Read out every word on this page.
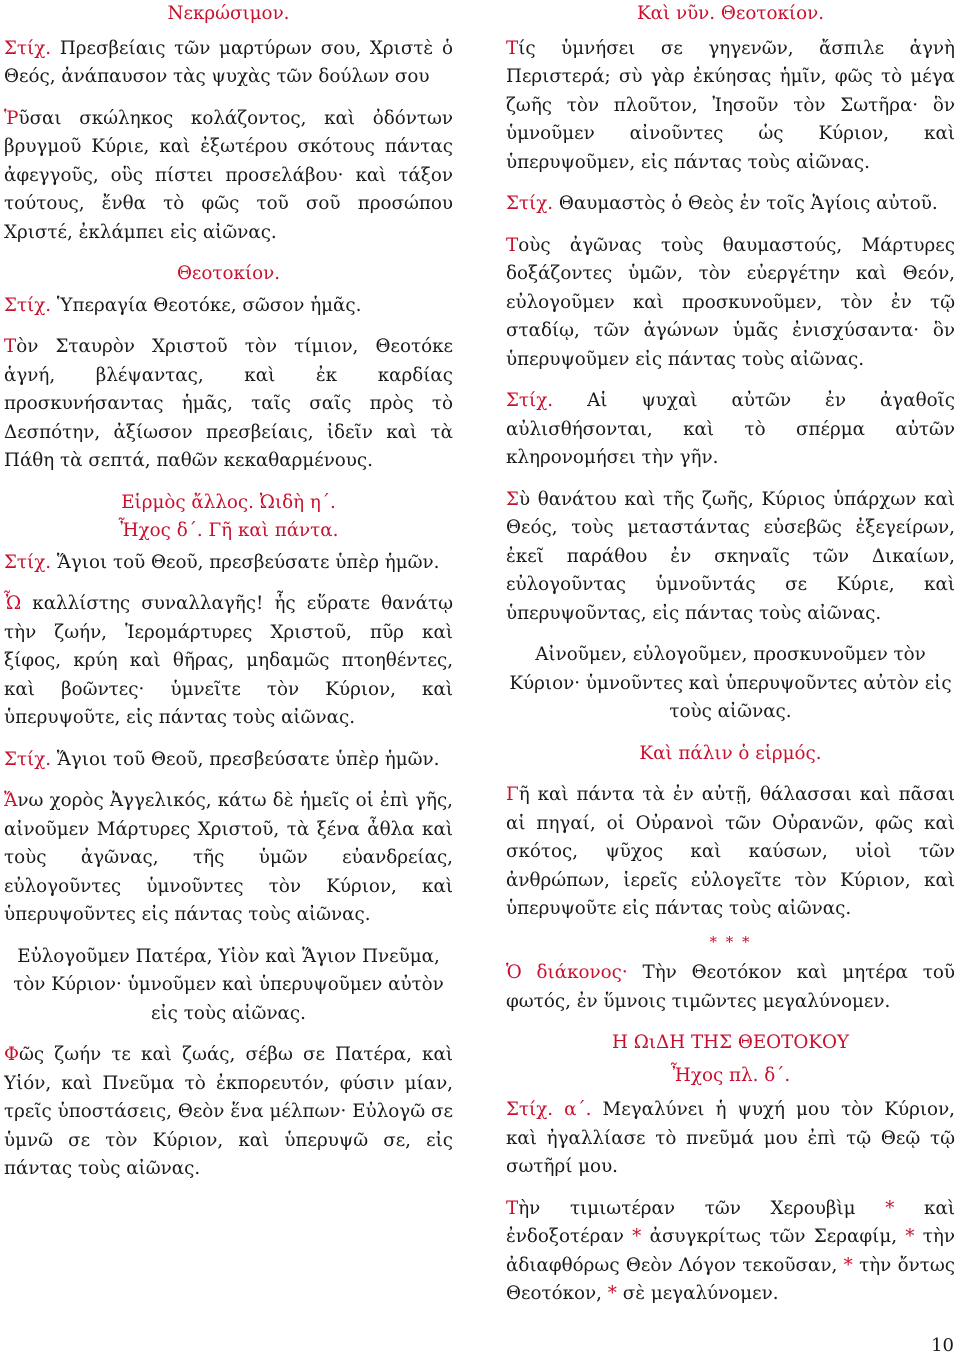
Νεκρώσιμον.

Στίχ. Πρεσβείαις τῶν μαρτύρων σου, Χριστὲ ὁ Θεός, ἀνάπαυσον τὰς ψυχὰς τῶν δούλων σου

Ῥῦσαι σκώληκος κολάζοντος, καὶ ὀδόντων βρυγμοῦ Κύριε, καὶ ἐξωτέρου σκότους πάντας ἀφεγγοῦς, οὓς πίστει προσελάβου· καὶ τάξον τούτους, ἔνθα τὸ φῶς τοῦ σοῦ προσώπου Χριστέ, ἐκλάμπει εἰς αἰῶνας.

Θεοτοκίον.

Στίχ. Ὑπεραγία Θεοτόκε, σῶσον ἡμᾶς.

Τὸν Σταυρὸν Χριστοῦ τὸν τίμιον, Θεοτόκε ἁγνή, βλέψαντας, καὶ ἐκ καρδίας προσκυνήσαντας ἡμᾶς, ταῖς σαῖς πρὸς τὸ Δεσπότην, ἀξίωσον πρεσβείαις, ἰδεῖν καὶ τὰ Πάθη τὰ σεπτά, παθῶν κεκαθαρμένους.

Εἱρμὸς ἄλλος. Ὠιδὴ η΄.

Ἦχος δ΄. Γῆ καὶ πάντα.

Στίχ. Ἅγιοι τοῦ Θεοῦ, πρεσβεύσατε ὑπὲρ ἡμῶν.

Ὦ καλλίστης συναλλαγῆς! ἧς εὕρατε θανάτῳ τὴν ζωήν, Ἱερομάρτυρες Χριστοῦ, πῦρ καὶ ξίφος, κρύη καὶ θῆρας, μηδαμῶς πτοηθέντες, καὶ βοῶντες· ὑμνεῖτε τὸν Κύριον, καὶ ὑπερυψοῦτε, εἰς πάντας τοὺς αἰῶνας.

Στίχ. Ἅγιοι τοῦ Θεοῦ, πρεσβεύσατε ὑπὲρ ἡμῶν.

Ἄνω χορὸς Ἀγγελικός, κάτω δὲ ἡμεῖς οἱ ἐπὶ γῆς, αἰνοῦμεν Μάρτυρες Χριστοῦ, τὰ ξένα ἆθλα καὶ τοὺς ἀγῶνας, τῆς ὑμῶν εὐανδρείας, εὐλογοῦντες ὑμνοῦντες τὸν Κύριον, καὶ ὑπερυψοῦντες εἰς πάντας τοὺς αἰῶνας.

Εὐλογοῦμεν Πατέρα, Υἱὸν καὶ Ἅγιον Πνεῦμα, τὸν Κύριον· ὑμνοῦμεν καὶ ὑπερυψοῦμεν αὐτὸν εἰς τοὺς αἰῶνας.

Φῶς ζωήν τε καὶ ζωάς, σέβω σε Πατέρα, καὶ Υἱόν, καὶ Πνεῦμα τὸ ἐκπορευτόν, φύσιν μίαν, τρεῖς ὑποστάσεις, Θεὸν ἕνα μέλπων· Εὐλογῶ σε ὑμνῶ σε τὸν Κύριον, καὶ ὑπερυψῶ σε, εἰς πάντας τοὺς αἰῶνας.

Καὶ νῦν. Θεοτοκίον.

Τίς ὑμνήσει σε γηγενῶν, ἄσπιλε ἁγνὴ Περιστερά; σὺ γὰρ ἐκύησας ἡμῖν, φῶς τὸ μέγα ζωῆς τὸν πλοῦτον, Ἰησοῦν τὸν Σωτῆρα· ὃν ὑμνοῦμεν αἰνοῦντες ὡς Κύριον, καὶ ὑπερυψοῦμεν, εἰς πάντας τοὺς αἰῶνας.

Στίχ. Θαυμαστὸς ὁ Θεὸς ἐν τοῖς Ἁγίοις αὐτοῦ.

Τοὺς ἀγῶνας τοὺς θαυμαστούς, Μάρτυρες δοξάζοντες ὑμῶν, τὸν εὐεργέτην καὶ Θεόν, εὐλογοῦμεν καὶ προσκυνοῦμεν, τὸν ἐν τῷ σταδίῳ, τῶν ἀγώνων ὑμᾶς ἐνισχύσαντα· ὃν ὑπερυψοῦμεν εἰς πάντας τοὺς αἰῶνας.

Στίχ. Αἱ ψυχαὶ αὐτῶν ἐν ἀγαθοῖς αὐλισθήσονται, καὶ τὸ σπέρμα αὐτῶν κληρονομήσει τὴν γῆν.

Σὺ θανάτου καὶ τῆς ζωῆς, Κύριος ὑπάρχων καὶ Θεός, τοὺς μεταστάντας εὐσεβῶς ἐξεγείρων, ἐκεῖ παράθου ἐν σκηναῖς τῶν Δικαίων, εὐλογοῦντας ὑμνοῦντάς σε Κύριε, καὶ ὑπερυψοῦντας, εἰς πάντας τοὺς αἰῶνας.

Αἰνοῦμεν, εὐλογοῦμεν, προσκυνοῦμεν τὸν Κύριον· ὑμνοῦντες καὶ ὑπερυψοῦντες αὐτὸν εἰς τοὺς αἰῶνας.

Καὶ πάλιν ὁ εἱρμός.

Γῆ καὶ πάντα τὰ ἐν αὐτῇ, θάλασσαι καὶ πᾶσαι αἱ πηγαί, οἱ Οὐρανοὶ τῶν Οὐρανῶν, φῶς καὶ σκότος, ψῦχος καὶ καύσων, υἱοὶ τῶν ἀνθρώπων, ἱερεῖς εὐλογεῖτε τὸν Κύριον, καὶ ὑπερυψοῦτε εἰς πάντας τοὺς αἰῶνας.

* * *

Ὁ διάκονος· Τὴν Θεοτόκον καὶ μητέρα τοῦ φωτός, ἐν ὕμνοις τιμῶντες μεγαλύνομεν.

Η ΩιΔΗ ΤΗΣ ΘΕΟΤΟΚΟΥ

Ἦχος πλ. δ΄.

Στίχ. α΄. Μεγαλύνει ἡ ψυχή μου τὸν Κύριον, καὶ ἠγαλλίασε τὸ πνεῦμά μου ἐπὶ τῷ Θεῷ τῷ σωτῆρί μου.

Τὴν τιμιωτέραν τῶν Χερουβὶμ * καὶ ἐνδοξοτέραν * ἀσυγκρίτως τῶν Σεραφίμ, * τὴν ἀδιαφθόρως Θεὸν Λόγον τεκοῦσαν, * τὴν ὄντως Θεοτόκον, * σὲ μεγαλύνομεν.

10
